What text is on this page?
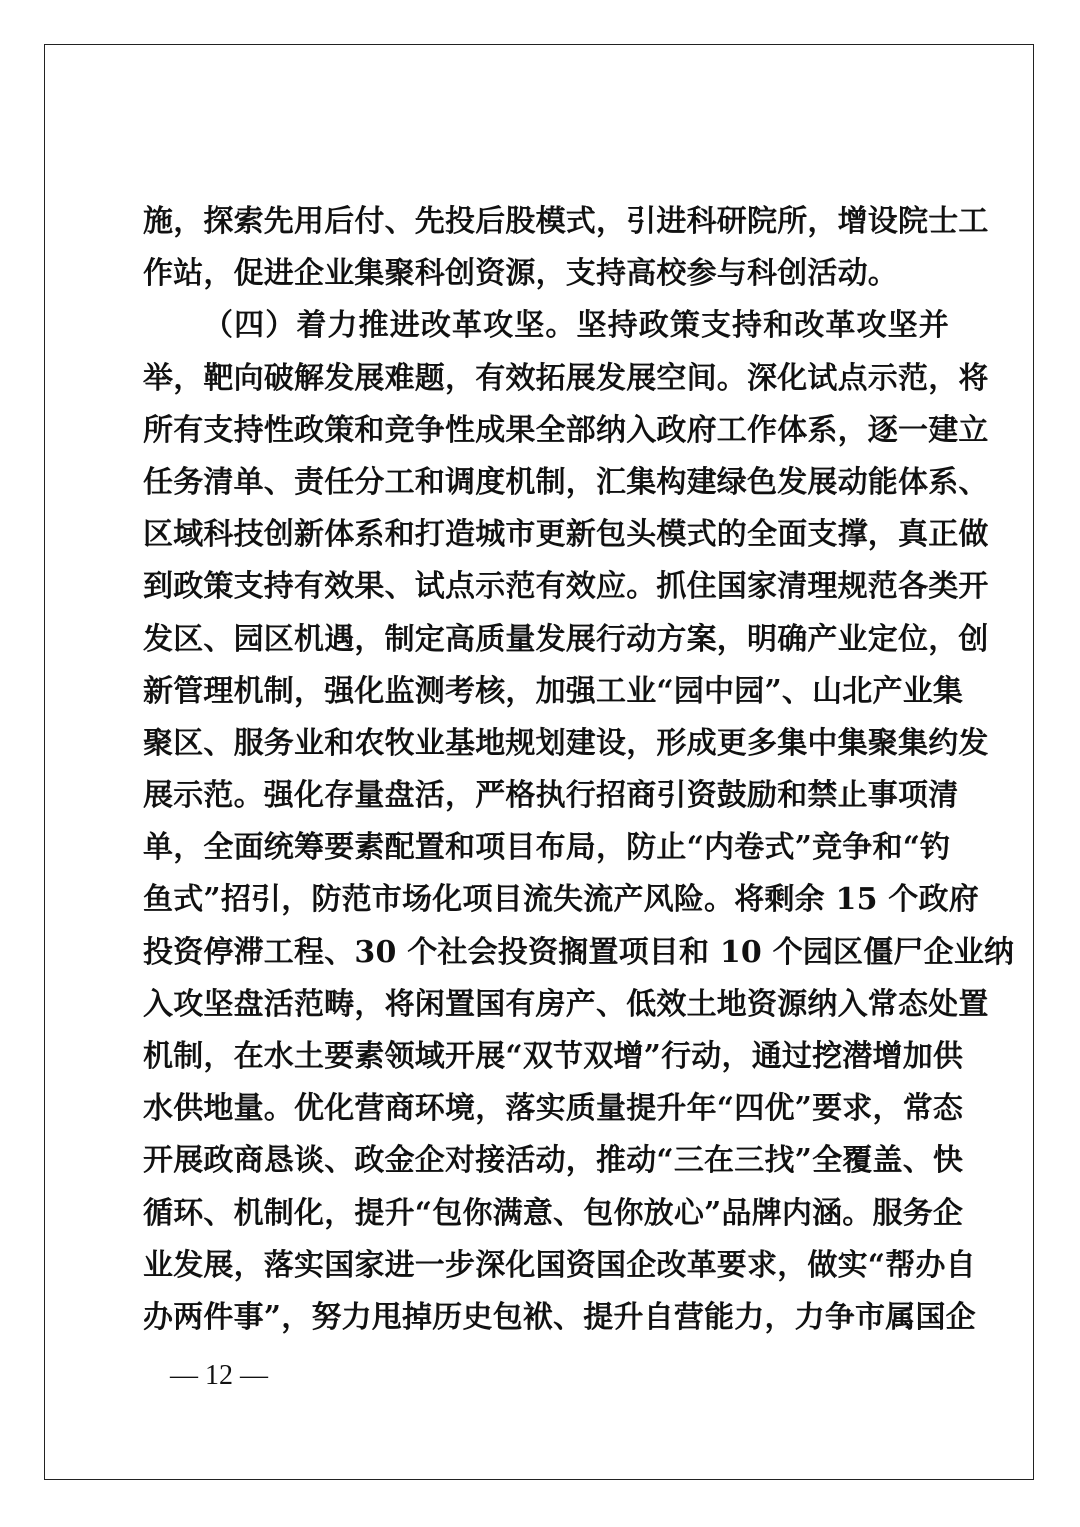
施，探索先用后付、先投后股模式，引进科研院所，增设院士工
作站，促进企业集聚科创资源，支持高校参与科创活动。
（四）着力推进改革攻坚。坚持政策支持和改革攻坚并
举，靶向破解发展难题，有效拓展发展空间。深化试点示范，将
所有支持性政策和竞争性成果全部纳入政府工作体系，逐一建立
任务清单、责任分工和调度机制，汇集构建绿色发展动能体系、
区域科技创新体系和打造城市更新包头模式的全面支撑，真正做
到政策支持有效果、试点示范有效应。抓住国家清理规范各类开
发区、园区机遇，制定高质量发展行动方案，明确产业定位，创
新管理机制，强化监测考核，加强工业“园中园”、山北产业集
聚区、服务业和农牧业基地规划建设，形成更多集中集聚集约发
展示范。强化存量盘活，严格执行招商引资鼓励和禁止事项清
单，全面统筹要素配置和项目布局，防止“内卷式”竞争和“钓
鱼式”招引，防范市场化项目流失流产风险。将剩余 15 个政府
投资停滞工程、30 个社会投资搁置项目和 10 个园区僵尸企业纳
入攻坚盘活范畴，将闲置国有房产、低效土地资源纳入常态处置
机制，在水土要素领域开展“双节双增”行动，通过挖潜增加供
水供地量。优化营商环境，落实质量提升年“四优”要求，常态
开展政商恳谈、政金企对接活动，推动“三在三找”全覆盖、快
循环、机制化，提升“包你满意、包你放心”品牌内涵。服务企
业发展，落实国家进一步深化国资国企改革要求，做实“帮办自
办两件事”，努力甩掉历史包袱、提升自营能力，力争市属国企
— 12 —
